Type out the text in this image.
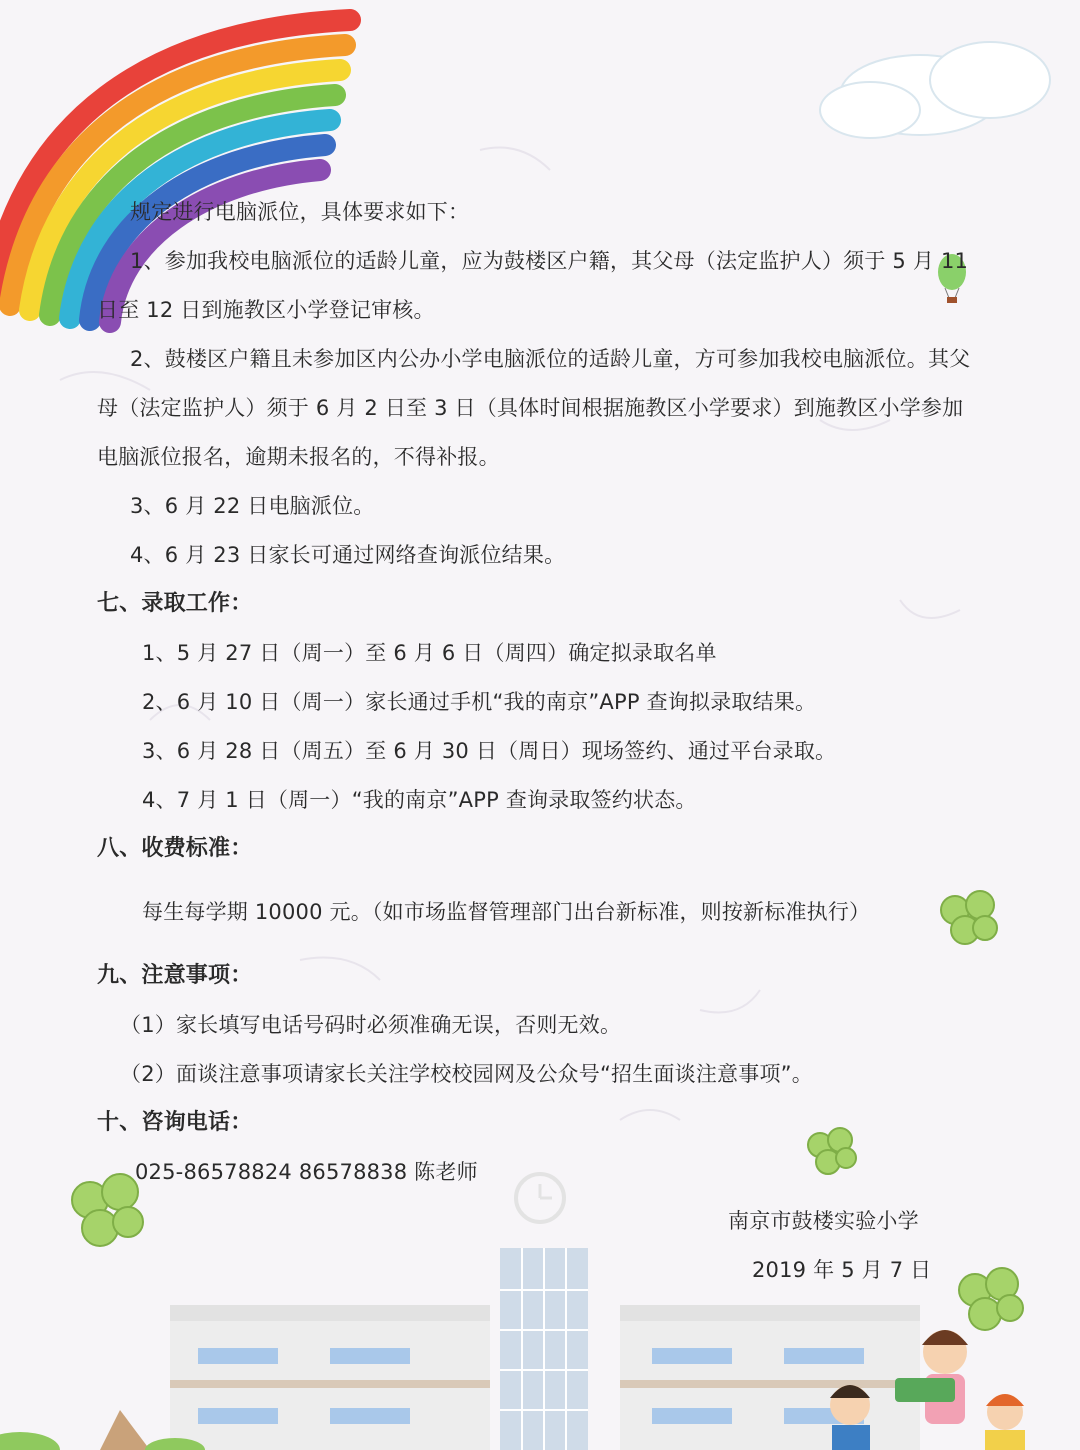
规定进行电脑派位，具体要求如下：
1、参加我校电脑派位的适龄儿童，应为鼓楼区户籍，其父母（法定监护人）须于 5 月 11
日至 12 日到施教区小学登记审核。
2、鼓楼区户籍且未参加区内公办小学电脑派位的适龄儿童，方可参加我校电脑派位。其父
母（法定监护人）须于 6 月 2 日至 3 日（具体时间根据施教区小学要求）到施教区小学参加
电脑派位报名，逾期未报名的，不得补报。
3、6 月 22 日电脑派位。
4、6 月 23 日家长可通过网络查询派位结果。
七、录取工作：
1、5 月 27 日（周一）至 6 月 6 日（周四）确定拟录取名单
2、6 月 10 日（周一）家长通过手机“我的南京”APP 查询拟录取结果。
3、6 月 28 日（周五）至 6 月 30 日（周日）现场签约、通过平台录取。
4、7 月 1 日（周一）“我的南京”APP 查询录取签约状态。
八、收费标准：
每生每学期 10000 元。（如市场监督管理部门出台新标准，则按新标准执行）
九、注意事项：
（1）家长填写电话号码时必须准确无误，否则无效。
（2）面谈注意事项请家长关注学校校园网及公众号“招生面谈注意事项”。
十、咨询电话：
025-86578824 86578838 陈老师
南京市鼓楼实验小学
2019 年 5 月 7 日
